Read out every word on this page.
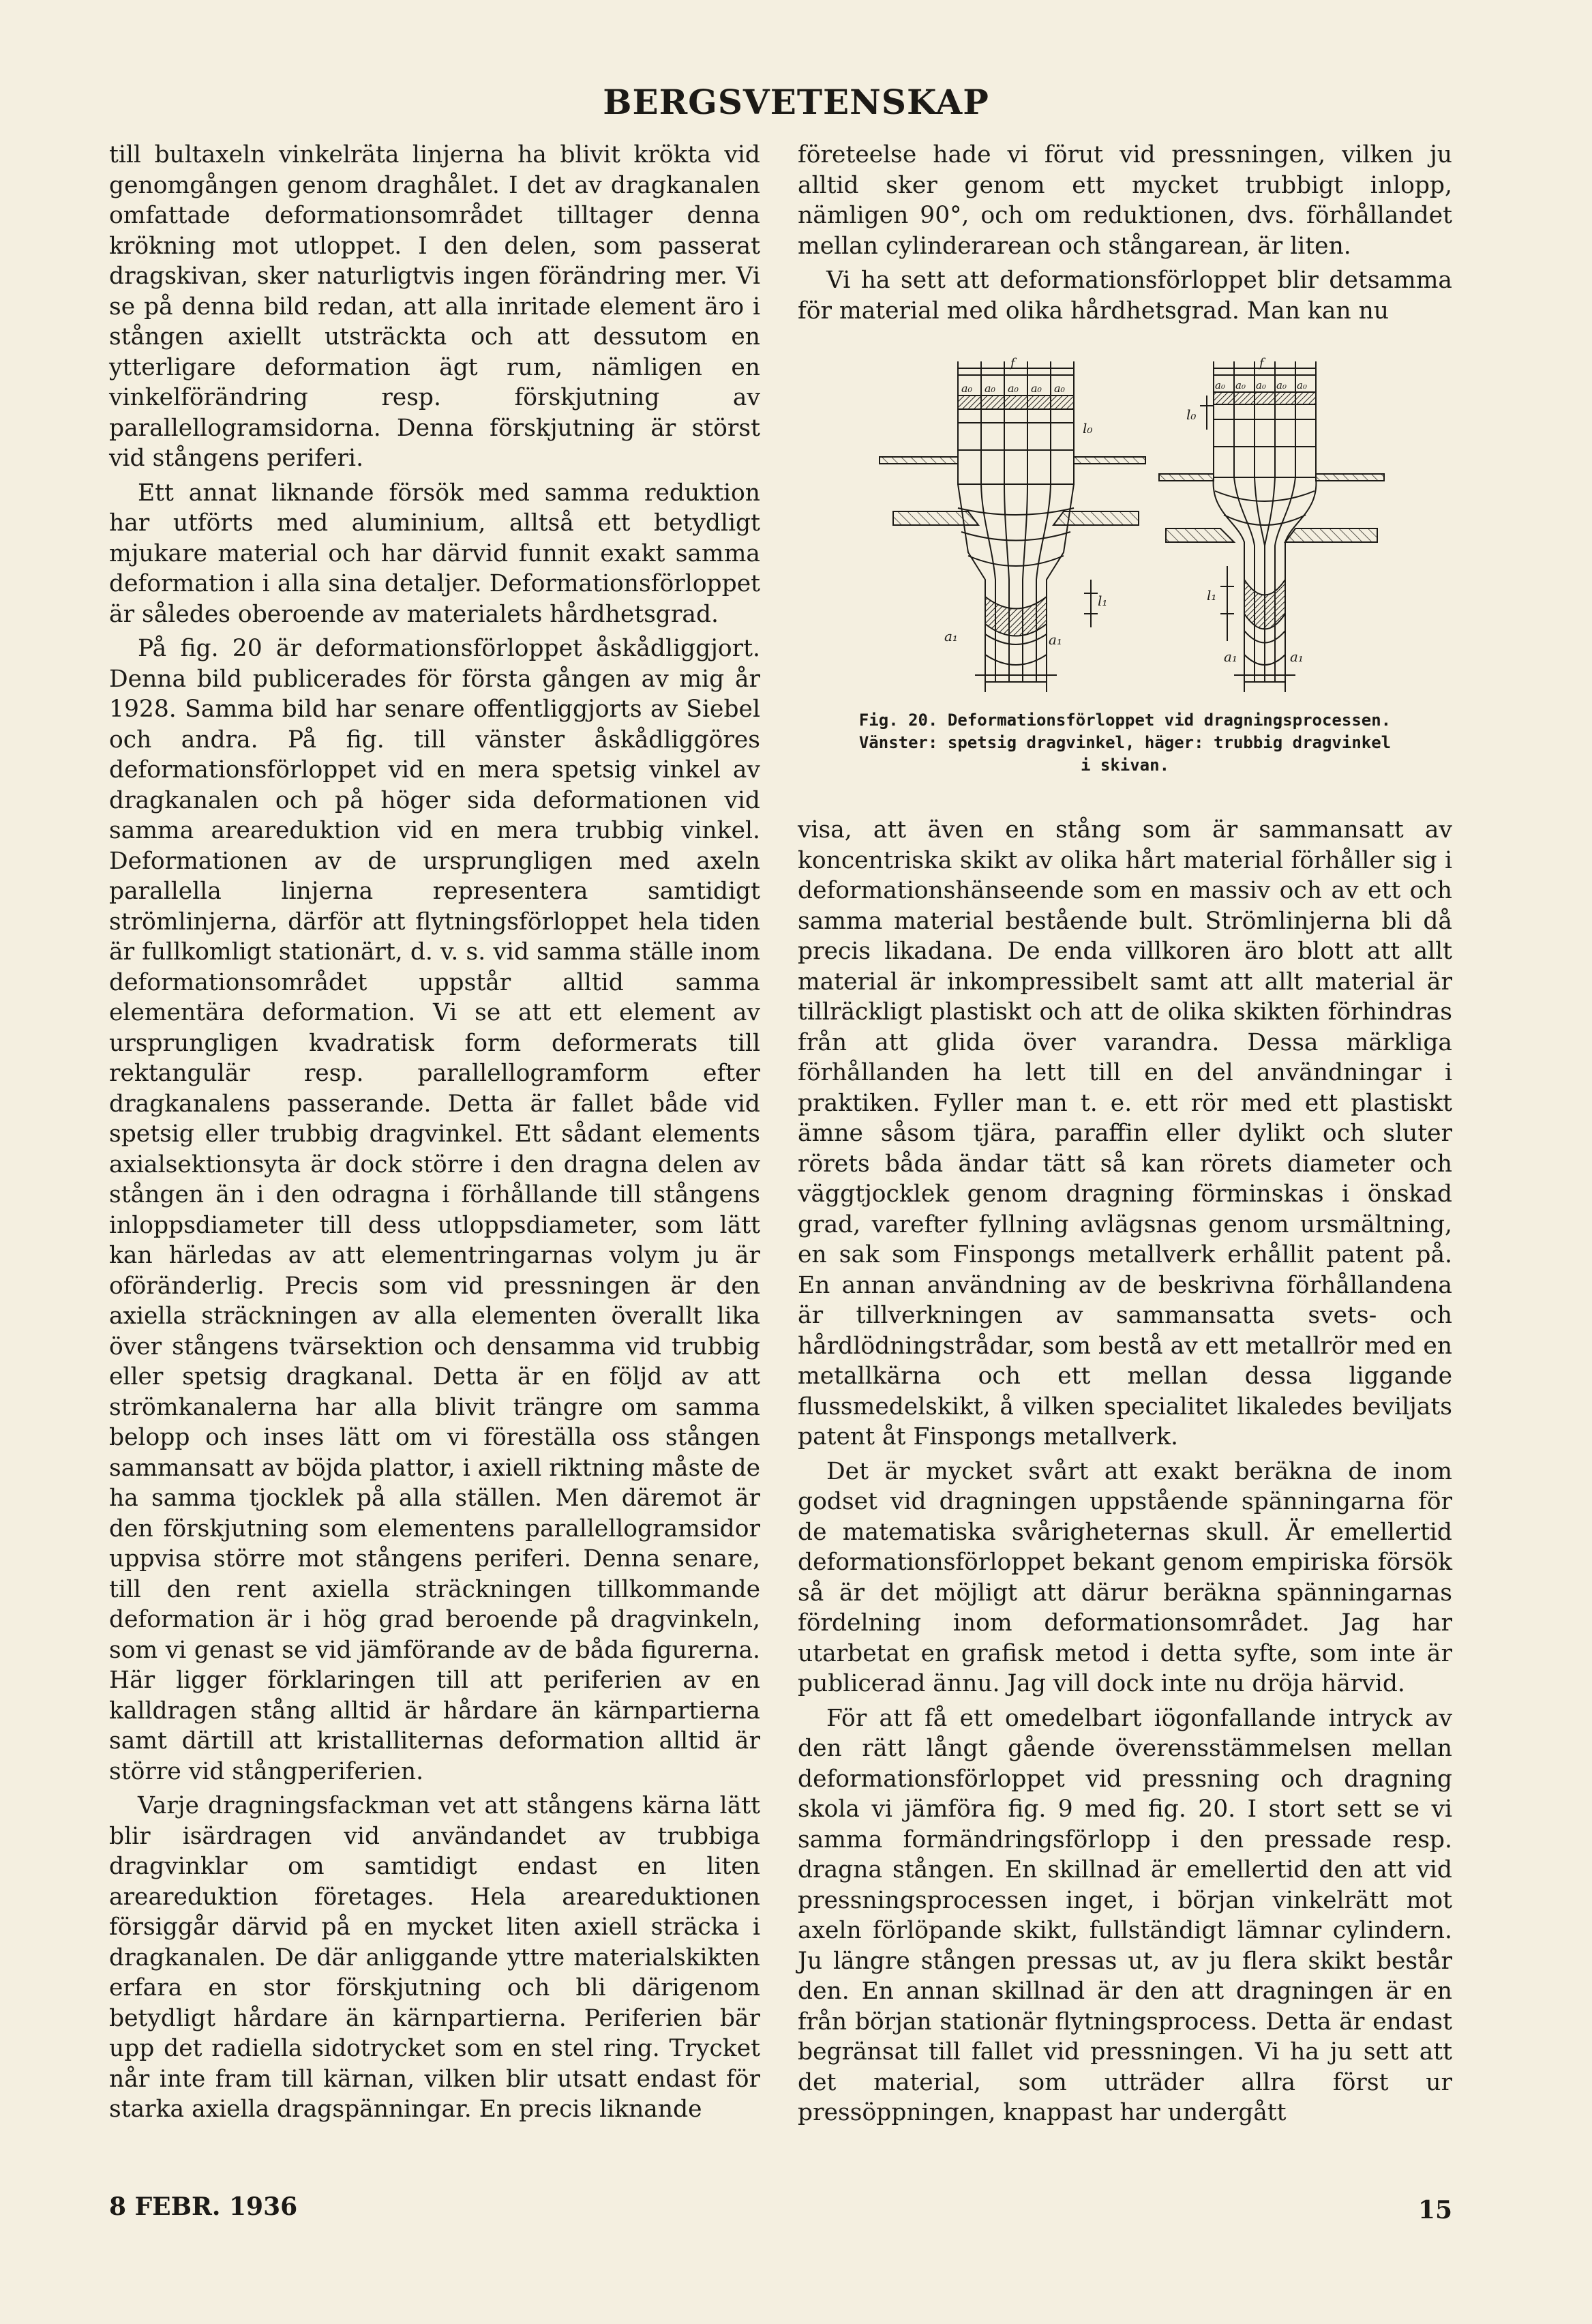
BERGSVETENSKAP

till bultaxeln vinkelräta linjerna ha blivit krökta vid genomgången genom draghålet. I det av dragkanalen omfattade deformationsområdet tilltager denna krökning mot utloppet. I den delen, som passerat dragskivan, sker naturligtvis ingen förändring mer. Vi se på denna bild redan, att alla inritade element äro i stången axiellt utsträckta och att dessutom en ytterligare deformation ägt rum, nämligen en vinkelförändring resp. förskjutning av parallellogramsidorna. Denna förskjutning är störst vid stångens periferi.

Ett annat liknande försök med samma reduktion har utförts med aluminium, alltså ett betydligt mjukare material och har därvid funnit exakt samma deformation i alla sina detaljer. Deformationsförloppet är således oberoende av materialets hårdhetsgrad.

På fig. 20 är deformationsförloppet åskådliggjort. Denna bild publicerades för första gången av mig år 1928. Samma bild har senare offentliggjorts av Siebel och andra. På fig. till vänster åskådliggöres deformationsförloppet vid en mera spetsig vinkel av dragkanalen och på höger sida deformationen vid samma areareduktion vid en mera trubbig vinkel. Deformationen av de ursprungligen med axeln parallella linjerna representera samtidigt strömlinjerna, därför att flytningsförloppet hela tiden är fullkomligt stationärt, d. v. s. vid samma ställe inom deformationsområdet uppstår alltid samma elementära deformation. Vi se att ett element av ursprungligen kvadratisk form deformerats till rektangulär resp. parallellogramform efter dragkanalens passerande. Detta är fallet både vid spetsig eller trubbig dragvinkel. Ett sådant elements axialsektionsyta är dock större i den dragna delen av stången än i den odragna i förhållande till stångens inloppsdiameter till dess utloppsdiameter, som lätt kan härledas av att elementringarnas volym ju är oföränderlig. Precis som vid pressningen är den axiella sträckningen av alla elementen överallt lika över stångens tvärsektion och densamma vid trubbig eller spetsig dragkanal. Detta är en följd av att strömkanalerna har alla blivit trängre om samma belopp och inses lätt om vi föreställa oss stången sammansatt av böjda plattor, i axiell riktning måste de ha samma tjocklek på alla ställen. Men däremot är den förskjutning som elementens parallellogramsidor uppvisa större mot stångens periferi. Denna senare, till den rent axiella sträckningen tillkommande deformation är i hög grad beroende på dragvinkeln, som vi genast se vid jämförande av de båda figurerna. Här ligger förklaringen till att periferien av en kalldragen stång alltid är hårdare än kärnpartierna samt därtill att kristalliternas deformation alltid är större vid stångperiferien.

Varje dragningsfackman vet att stångens kärna lätt blir isärdragen vid användandet av trubbiga dragvinklar om samtidigt endast en liten areareduktion företages. Hela areareduktionen försiggår därvid på en mycket liten axiell sträcka i dragkanalen. De där anliggande yttre materialskikten erfara en stor förskjutning och bli därigenom betydligt hårdare än kärnpartierna. Periferien bär upp det radiella sidotrycket som en stel ring. Trycket når inte fram till kärnan, vilken blir utsatt endast för starka axiella dragspänningar. En precis liknande

företeelse hade vi förut vid pressningen, vilken ju alltid sker genom ett mycket trubbigt inlopp, nämligen 90°, och om reduktionen, dvs. förhållandet mellan cylinderarean och stångarean, är liten.

Vi ha sett att deformationsförloppet blir detsamma för material med olika hårdhetsgrad. Man kan nu

a₀ a₀ a₀ a₀ a₀
f
l₀
l₁
a₁	a₁
a₀ a₀ a₀ a₀ a₀
f
l₀
l₁
a₁	a₁
Fig. 20. Deformationsförloppet vid dragningsprocessen.
Vänster: spetsig dragvinkel, häger: trubbig dragvinkel
i skivan.

visa, att även en stång som är sammansatt av koncentriska skikt av olika hårt material förhåller sig i deformationshänseende som en massiv och av ett och samma material bestående bult. Strömlinjerna bli då precis likadana. De enda villkoren äro blott att allt material är inkompressibelt samt att allt material är tillräckligt plastiskt och att de olika skikten förhindras från att glida över varandra. Dessa märkliga förhållanden ha lett till en del användningar i praktiken. Fyller man t. e. ett rör med ett plastiskt ämne såsom tjära, paraffin eller dylikt och sluter rörets båda ändar tätt så kan rörets diameter och väggtjocklek genom dragning förminskas i önskad grad, varefter fyllning avlägsnas genom ursmältning, en sak som Finspongs metallverk erhållit patent på. En annan användning av de beskrivna förhållandena är tillverkningen av sammansatta svets- och hårdlödningstrådar, som bestå av ett metallrör med en metallkärna och ett mellan dessa liggande flussmedelskikt, å vilken specialitet likaledes beviljats patent åt Finspongs metallverk.

Det är mycket svårt att exakt beräkna de inom godset vid dragningen uppstående spänningarna för de matematiska svårigheternas skull. Är emellertid deformationsförloppet bekant genom empiriska försök så är det möjligt att därur beräkna spänningarnas fördelning inom deformationsområdet. Jag har utarbetat en grafisk metod i detta syfte, som inte är publicerad ännu. Jag vill dock inte nu dröja härvid.

För att få ett omedelbart iögonfallande intryck av den rätt långt gående överensstämmelsen mellan deformationsförloppet vid pressning och dragning skola vi jämföra fig. 9 med fig. 20. I stort sett se vi samma formändringsförlopp i den pressade resp. dragna stången. En skillnad är emellertid den att vid pressningsprocessen inget, i början vinkelrätt mot axeln förlöpande skikt, fullständigt lämnar cylindern. Ju längre stången pressas ut, av ju flera skikt består den. En annan skillnad är den att dragningen är en från början stationär flytningsprocess. Detta är endast begränsat till fallet vid pressningen. Vi ha ju sett att det material, som utträder allra först ur pressöppningen, knappast har undergått

8 FEBR. 1936	15
